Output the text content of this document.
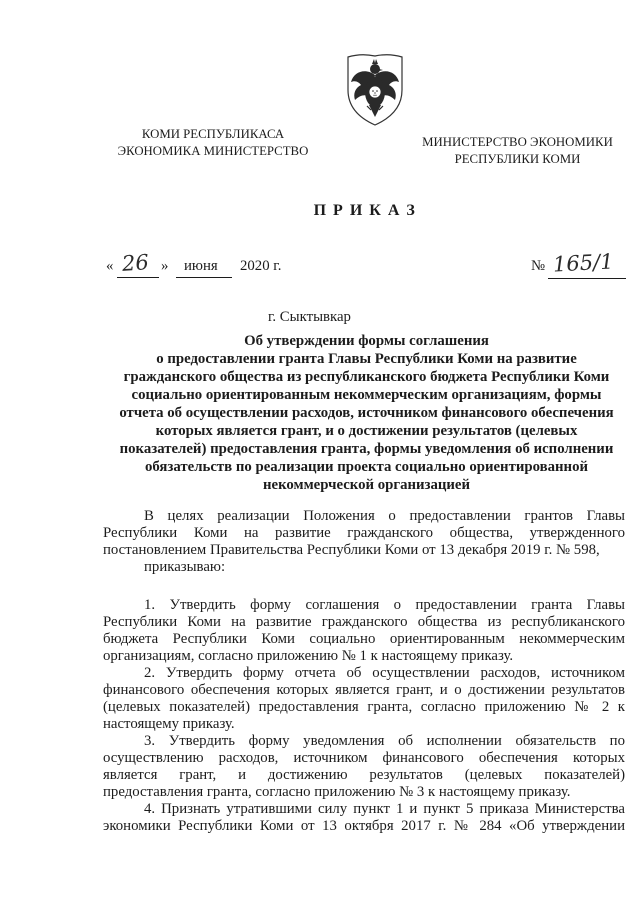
КОМИ РЕСПУБЛИКАСА
ЭКОНОМИКА МИНИСТЕРСТВО
МИНИСТЕРСТВО ЭКОНОМИКИ
РЕСПУБЛИКИ КОМИ
П Р И К А З
« 26 » июня 2020 г.	№ 165/1
г. Сыктывкар
Об утверждении формы соглашения
о предоставлении гранта Главы Республики Коми на развитие
гражданского общества из республиканского бюджета Республики Коми
социально ориентированным некоммерческим организациям, формы
отчета об осуществлении расходов, источником финансового обеспечения
которых является грант, и о достижении результатов (целевых
показателей) предоставления гранта, формы уведомления об исполнении
обязательств по реализации проекта социально ориентированной
некоммерческой организацией
В целях реализации Положения о предоставлении грантов Главы
Республики Коми на развитие гражданского общества, утвержденного
постановлением Правительства Республики Коми от 13 декабря 2019 г. № 598,
приказываю:
1. Утвердить форму соглашения о предоставлении гранта Главы
Республики Коми на развитие гражданского общества из республиканского
бюджета Республики Коми социально ориентированным некоммерческим
организациям, согласно приложению № 1 к настоящему приказу.
2. Утвердить форму отчета об осуществлении расходов, источником
финансового обеспечения которых является грант, и о достижении результатов
(целевых показателей) предоставления гранта, согласно приложению № 2 к
настоящему приказу.
3. Утвердить форму уведомления об исполнении обязательств по
осуществлению расходов, источником финансового обеспечения которых
является грант, и достижению результатов (целевых показателей)
предоставления гранта, согласно приложению № 3 к настоящему приказу.
4. Признать утратившими силу пункт 1 и пункт 5 приказа Министерства
экономики Республики Коми от 13 октября 2017 г. № 284 «Об утверждении
